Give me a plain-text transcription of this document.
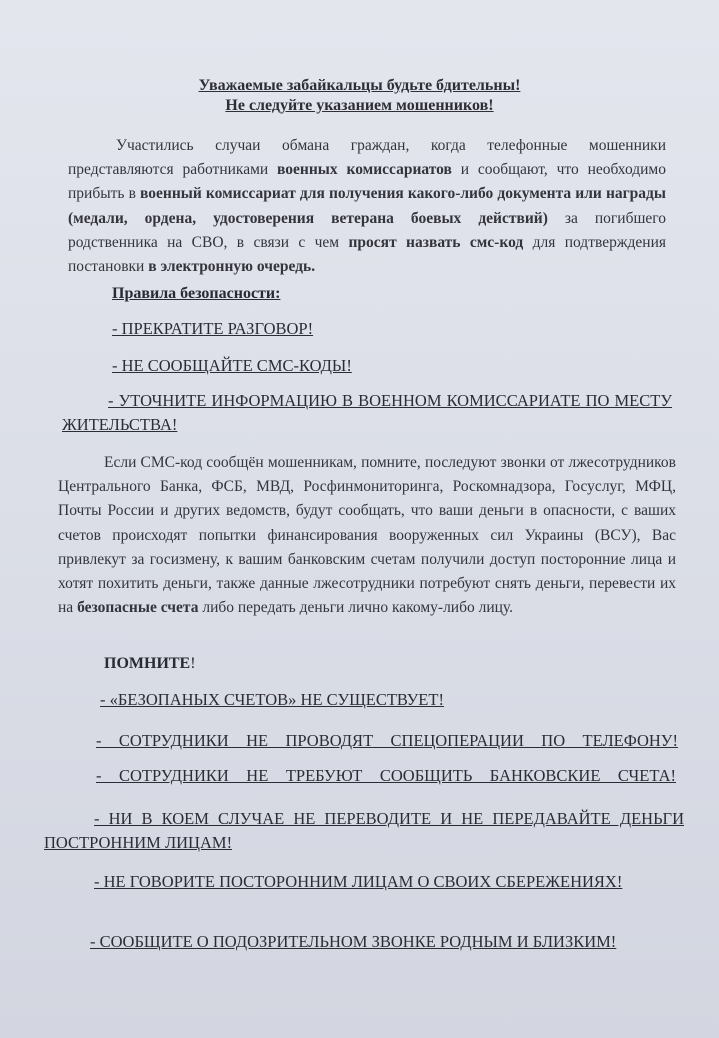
Уважаемые забайкальцы будьте бдительны!
Не следуйте указанием мошенников!
Участились случаи обмана граждан, когда телефонные мошенники представляются работниками военных комиссариатов и сообщают, что необходимо прибыть в военный комиссариат для получения какого-либо документа или награды (медали, ордена, удостоверения ветерана боевых действий) за погибшего родственника на СВО, в связи с чем просят назвать смс-код для подтверждения постановки в электронную очередь.
Правила безопасности:
- ПРЕКРАТИТЕ РАЗГОВОР!
- НЕ СООБЩАЙТЕ СМС-КОДЫ!
- УТОЧНИТЕ ИНФОРМАЦИЮ В ВОЕННОМ КОМИССАРИАТЕ ПО МЕСТУ ЖИТЕЛЬСТВА!
Если СМС-код сообщён мошенникам, помните, последуют звонки от лжесотрудников Центрального Банка, ФСБ, МВД, Росфинмониторинга, Роскомнадзора, Госуслуг, МФЦ, Почты России и других ведомств, будут сообщать, что ваши деньги в опасности, с ваших счетов происходят попытки финансирования вооруженных сил Украины (ВСУ), Вас привлекут за госизмену, к вашим банковским счетам получили доступ посторонние лица и хотят похитить деньги, также данные лжесотрудники потребуют снять деньги, перевести их на безопасные счета либо передать деньги лично какому-либо лицу.
ПОМНИТЕ!
- «БЕЗОПАНЫХ СЧЕТОВ» НЕ СУЩЕСТВУЕТ!
- СОТРУДНИКИ НЕ ПРОВОДЯТ СПЕЦОПЕРАЦИИ ПО ТЕЛЕФОНУ!
- СОТРУДНИКИ НЕ ТРЕБУЮТ СООБЩИТЬ БАНКОВСКИЕ СЧЕТА!
- НИ В КОЕМ СЛУЧАЕ НЕ ПЕРЕВОДИТЕ И НЕ ПЕРЕДАВАЙТЕ ДЕНЬГИ ПОСТРОННИМ ЛИЦАМ!
- НЕ ГОВОРИТЕ ПОСТОРОННИМ ЛИЦАМ О СВОИХ СБЕРЕЖЕНИЯХ!
- СООБЩИТЕ О ПОДОЗРИТЕЛЬНОМ ЗВОНКЕ РОДНЫМ И БЛИЗКИМ!
